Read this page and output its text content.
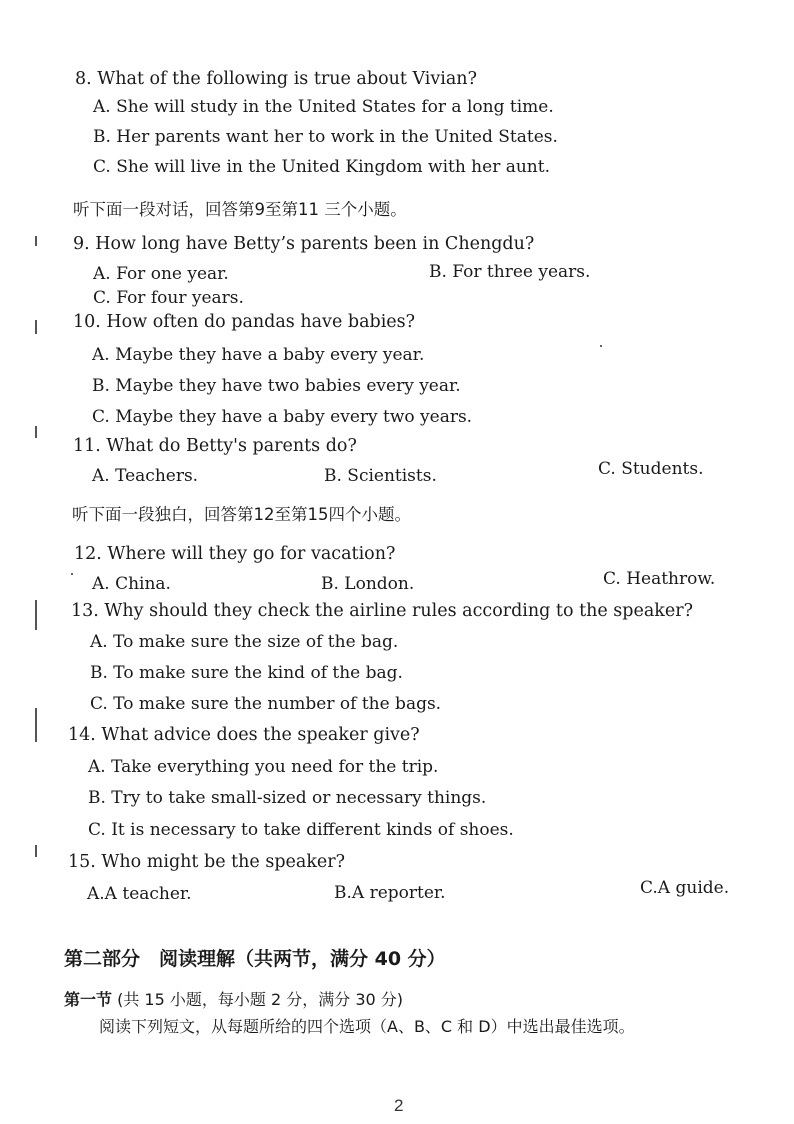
8. What of the following is true about Vivian?
A. She will study in the United States for a long time.
B. Her parents want her to work in the United States.
C. She will live in the United Kingdom with her aunt.
听下面一段对话，回答第9至第11 三个小题。
9. How long have Betty’s parents been in Chengdu?
A. For one year.	B. For three years.
C. For four years.
10. How often do pandas have babies?
A. Maybe they have a baby every year.
B. Maybe they have two babies every year.
C. Maybe they have a baby every two years.
11. What do Betty's parents do?
A. Teachers.	B. Scientists.	C. Students.
听下面一段独白，回答第12至第15四个小题。
12. Where will they go for vacation?
A. China.	B. London.	C. Heathrow.
13. Why should they check the airline rules according to the speaker?
A. To make sure the size of the bag.
B. To make sure the kind of the bag.
C. To make sure the number of the bags.
14. What advice does the speaker give?
A. Take everything you need for the trip.
B. Try to take small-sized or necessary things.
C. It is necessary to take different kinds of shoes.
15. Who might be the speaker?
A.A teacher.	B.A reporter.	C.A guide.
第二部分　阅读理解（共两节，满分 40 分）
第一节 (共 15 小题，每小题 2 分，满分 30 分)
阅读下列短文，从每题所给的四个选项（A、B、C 和 D）中选出最佳选项。
2
